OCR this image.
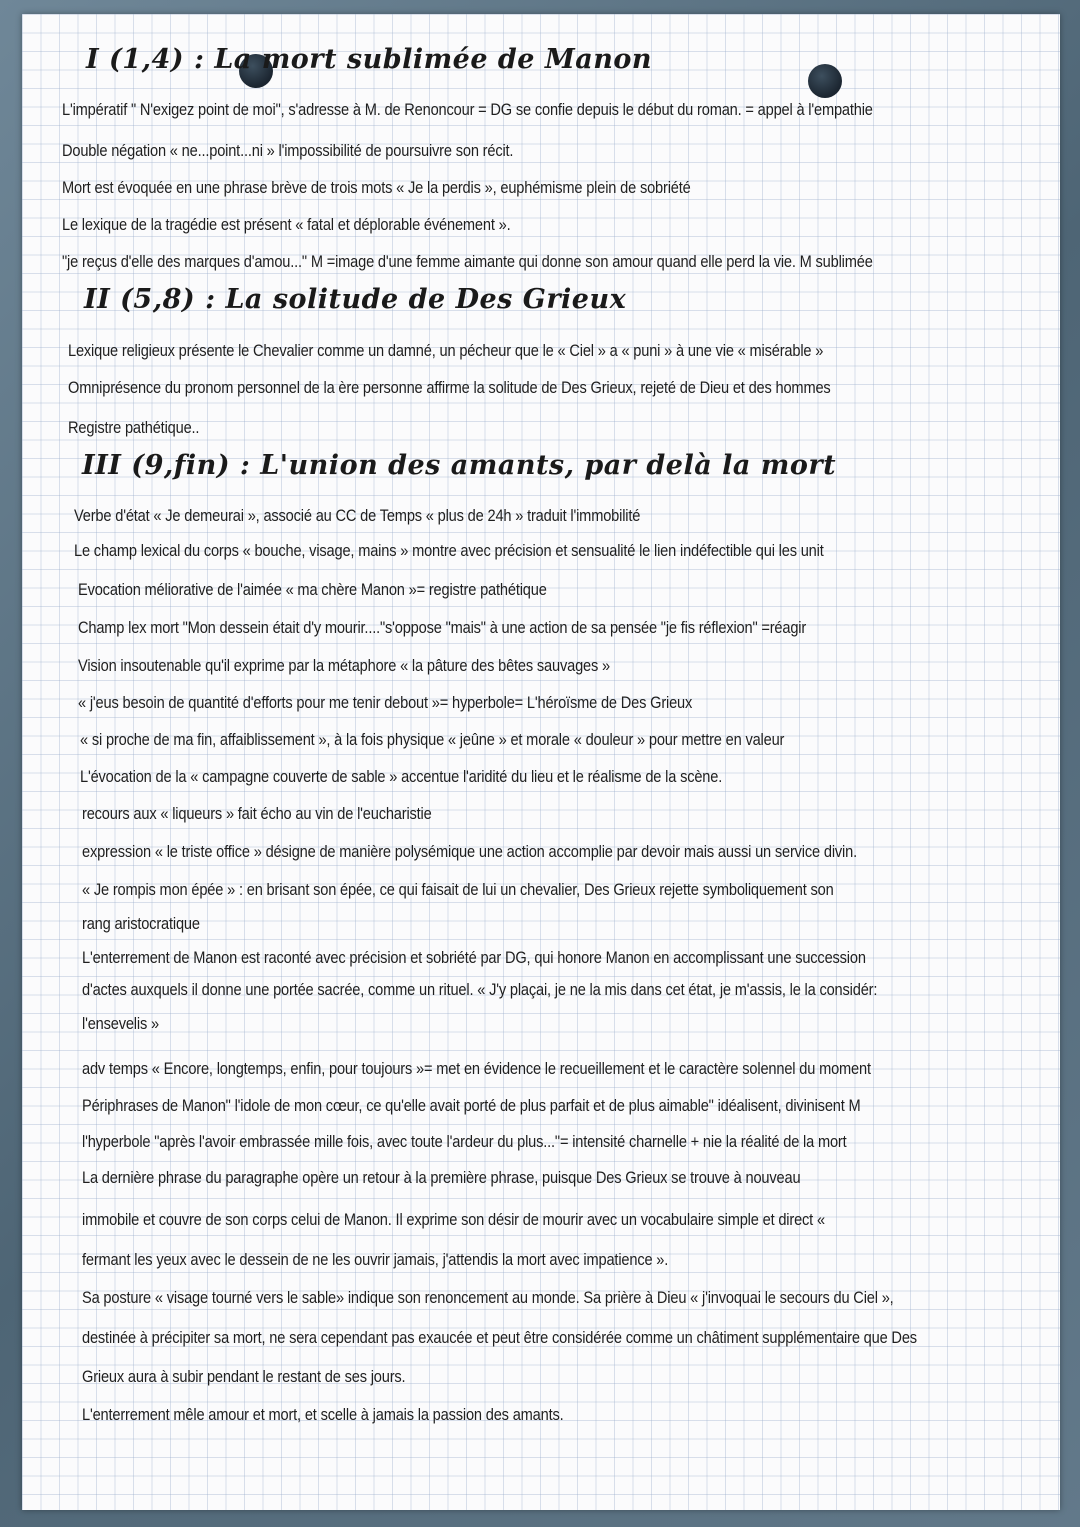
I (1,4) : La mort sublimée de Manon

L'impératif " N'exigez point de moi", s'adresse à M. de Renoncour = DG se confie depuis le début du roman. = appel à l'empathie

Double négation « ne...point...ni » l'impossibilité de poursuivre son récit.

Mort est évoquée en une phrase brève de trois mots « Je la perdis », euphémisme plein de sobriété

Le lexique de la tragédie est présent « fatal et déplorable événement ».

"je reçus d'elle des marques d'amou..." M =image d'une femme aimante qui donne son amour quand elle perd la vie. M sublimée

II (5,8) : La solitude de Des Grieux

Lexique religieux présente le Chevalier comme un damné, un pécheur que le « Ciel » a « puni » à une vie « misérable »

Omniprésence du pronom personnel de la ère personne affirme la solitude de Des Grieux, rejeté de Dieu et des hommes

Registre pathétique..

III (9,fin) : L'union des amants, par delà la mort

Verbe d'état « Je demeurai », associé au CC de Temps « plus de 24h » traduit l'immobilité

Le champ lexical du corps « bouche, visage, mains » montre avec précision et sensualité le lien indéfectible qui les unit

Evocation méliorative de l'aimée « ma chère Manon »= registre pathétique

Champ lex mort "Mon dessein était d'y mourir...."s'oppose "mais" à une action de sa pensée "je fis réflexion" =réagir

Vision insoutenable qu'il exprime par la métaphore « la pâture des bêtes sauvages »

« j'eus besoin de quantité d'efforts pour me tenir debout »= hyperbole= L'héroïsme de Des Grieux

« si proche de ma fin, affaiblissement », à la fois physique « jeûne » et morale « douleur » pour mettre en valeur

L'évocation de la « campagne couverte de sable » accentue l'aridité du lieu et le réalisme de la scène.

recours aux « liqueurs » fait écho au vin de l'eucharistie

expression « le triste office » désigne de manière polysémique une action accomplie par devoir mais aussi un service divin.

« Je rompis mon épée » : en brisant son épée, ce qui faisait de lui un chevalier, Des Grieux rejette symboliquement son

rang aristocratique

L'enterrement de Manon est raconté avec précision et sobriété par DG, qui honore Manon en accomplissant une succession

d'actes auxquels il donne une portée sacrée, comme un rituel. « J'y plaçai, je ne la mis dans cet état, je m'assis, le la considér:

l'ensevelis »

adv temps « Encore, longtemps, enfin, pour toujours »= met en évidence le recueillement et le caractère solennel du moment

Périphrases de Manon" l'idole de mon cœur, ce qu'elle avait porté de plus parfait et de plus aimable" idéalisent, divinisent M

l'hyperbole "après l'avoir embrassée mille fois, avec toute l'ardeur du plus..."= intensité charnelle + nie la réalité de la mort

La dernière phrase du paragraphe opère un retour à la première phrase, puisque Des Grieux se trouve à nouveau

immobile et couvre de son corps celui de Manon. Il exprime son désir de mourir avec un vocabulaire simple et direct «

fermant les yeux avec le dessein de ne les ouvrir jamais, j'attendis la mort avec impatience ».

Sa posture « visage tourné vers le sable» indique son renoncement au monde. Sa prière à Dieu « j'invoquai le secours du Ciel »,

destinée à précipiter sa mort, ne sera cependant pas exaucée et peut être considérée comme un châtiment supplémentaire que Des

Grieux aura à subir pendant le restant de ses jours.

L'enterrement mêle amour et mort, et scelle à jamais la passion des amants.
